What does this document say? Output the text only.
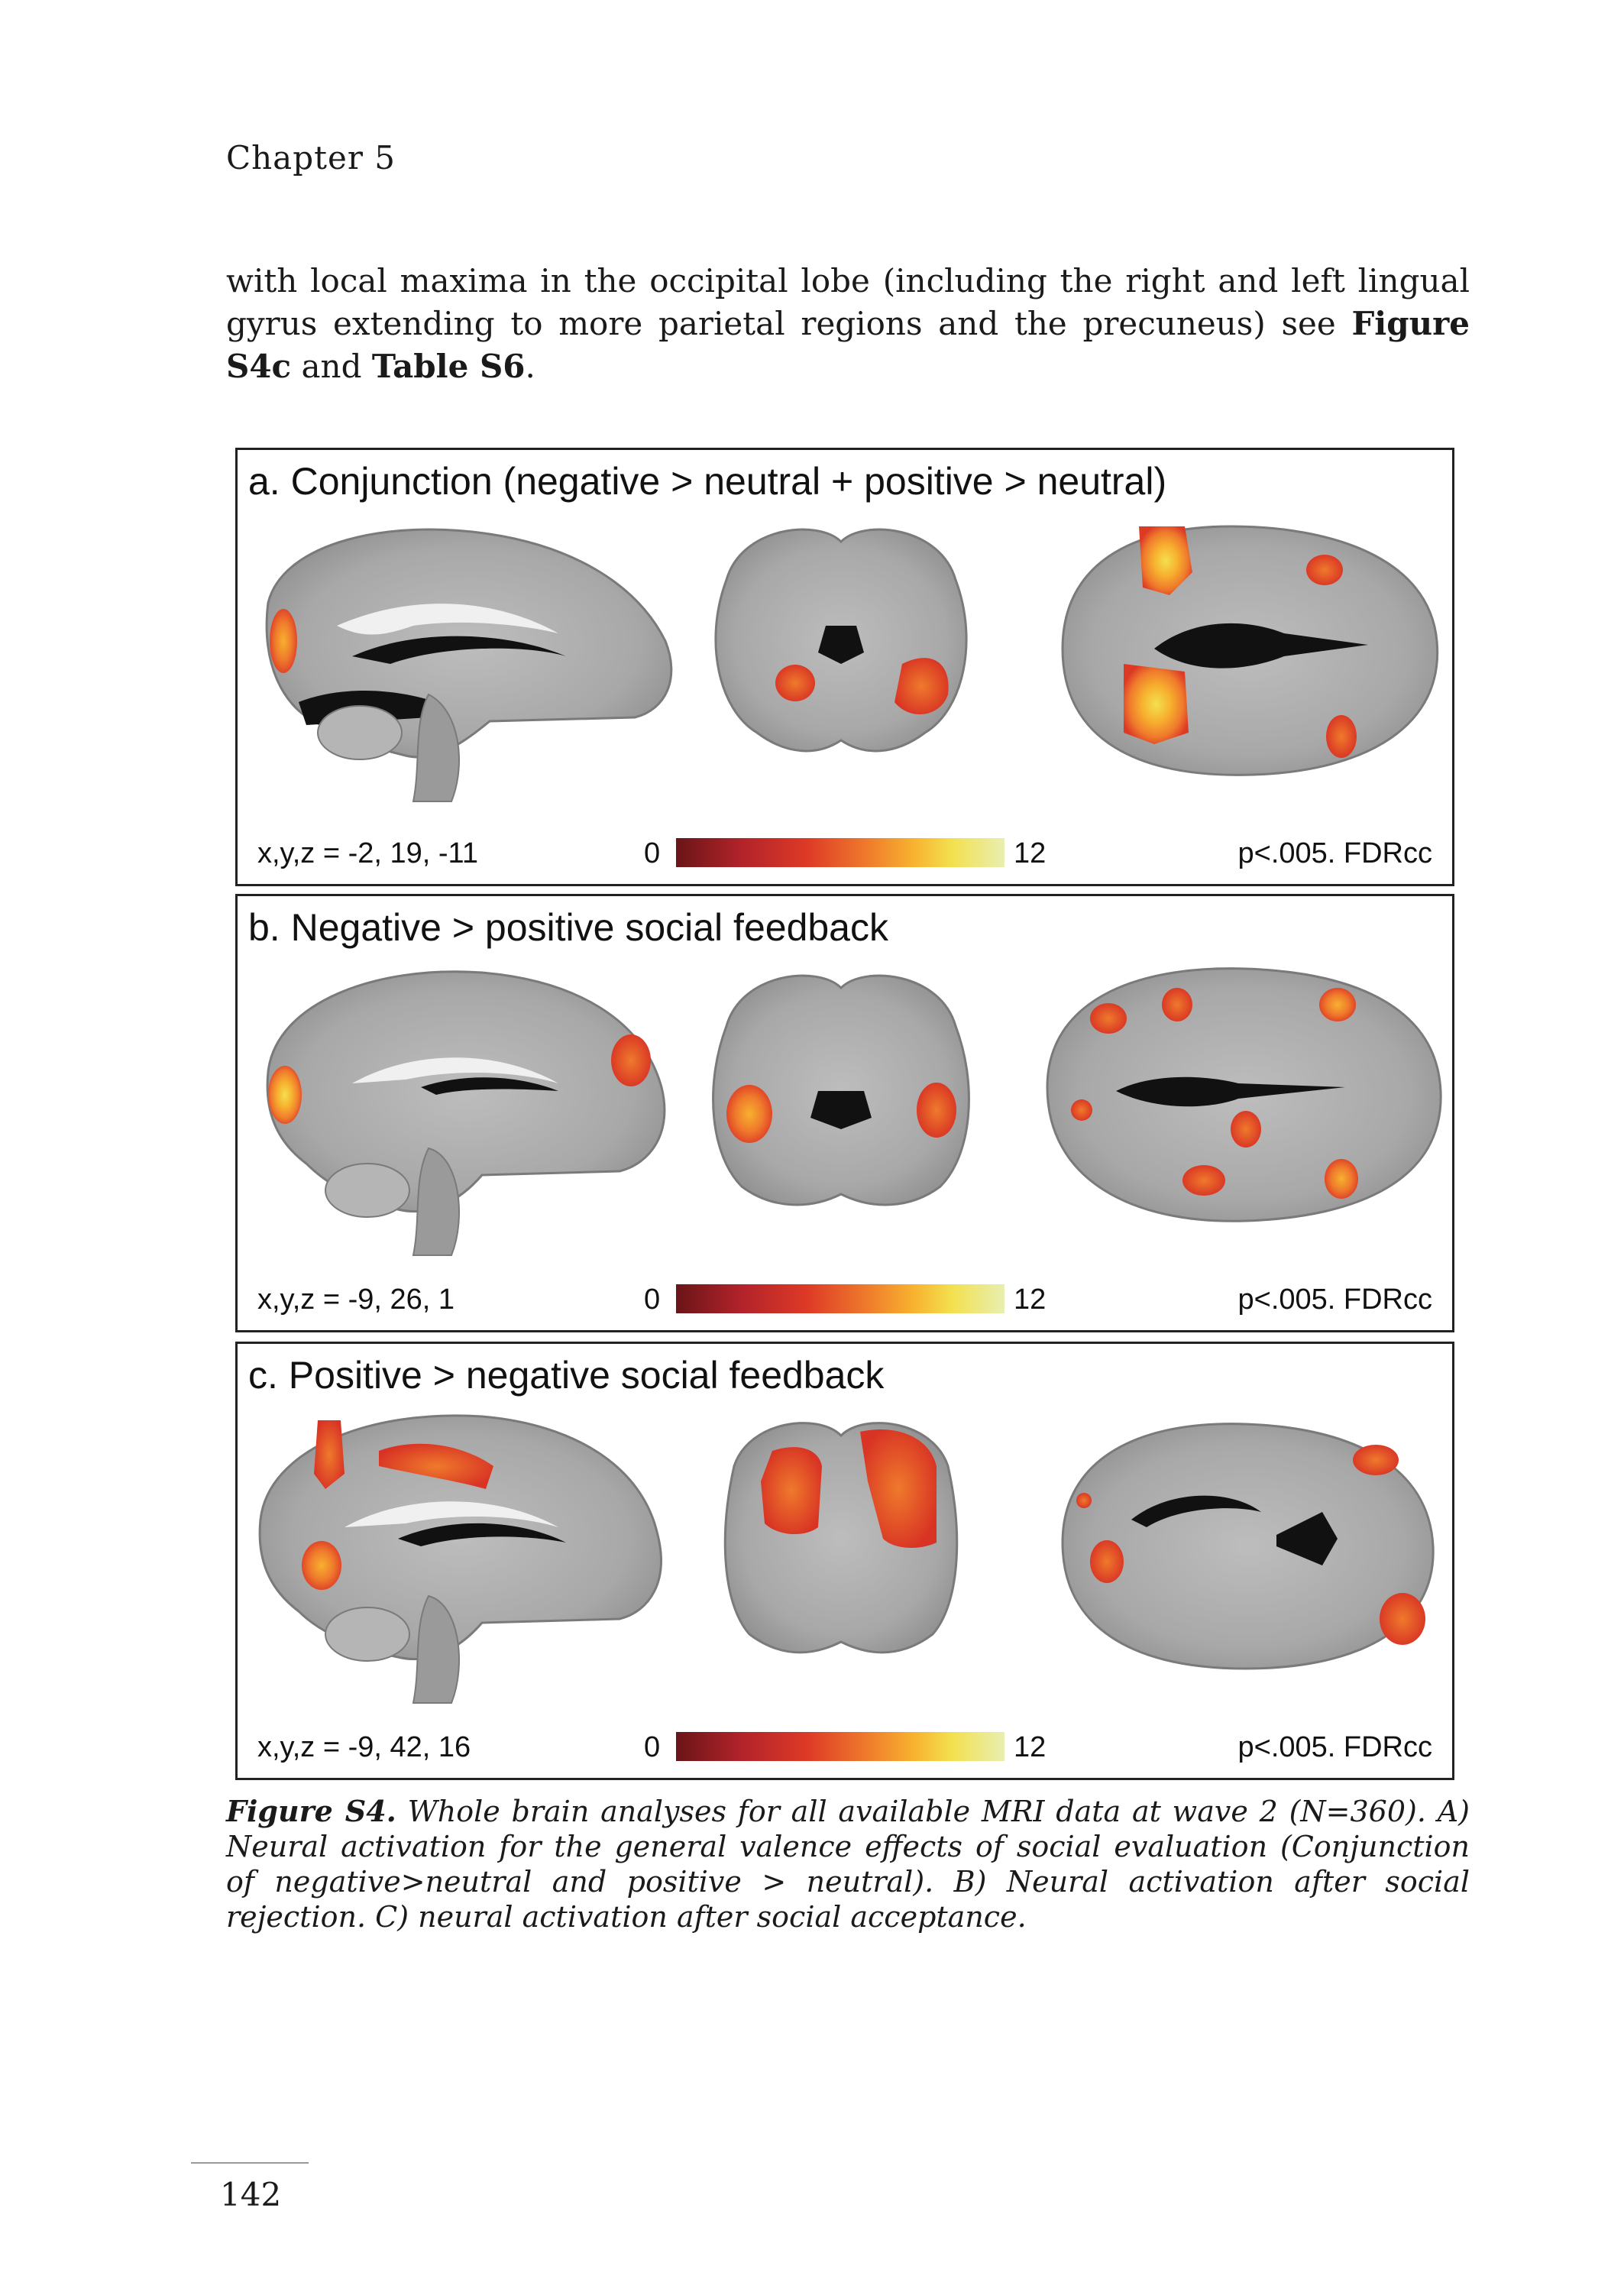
Chapter 5
with local maxima in the occipital lobe (including the right and left lingual gyrus extending to more parietal regions and the precuneus) see Figure S4c and Table S6.
a. Conjunction (negative > neutral + positive > neutral)
x,y,z = -2, 19, -11	0	12	p<.005. FDRcc
b. Negative > positive social feedback
x,y,z = -9, 26, 1	0	12	p<.005. FDRcc
c. Positive > negative social feedback
x,y,z = -9, 42, 16	0	12	p<.005. FDRcc
Figure S4. Whole brain analyses for all available MRI data at wave 2 (N=360). A) Neural activation for the general valence effects of social evaluation (Conjunction of negative>neutral and positive > neutral). B) Neural activation after social rejection. C) neural activation after social acceptance.
142
